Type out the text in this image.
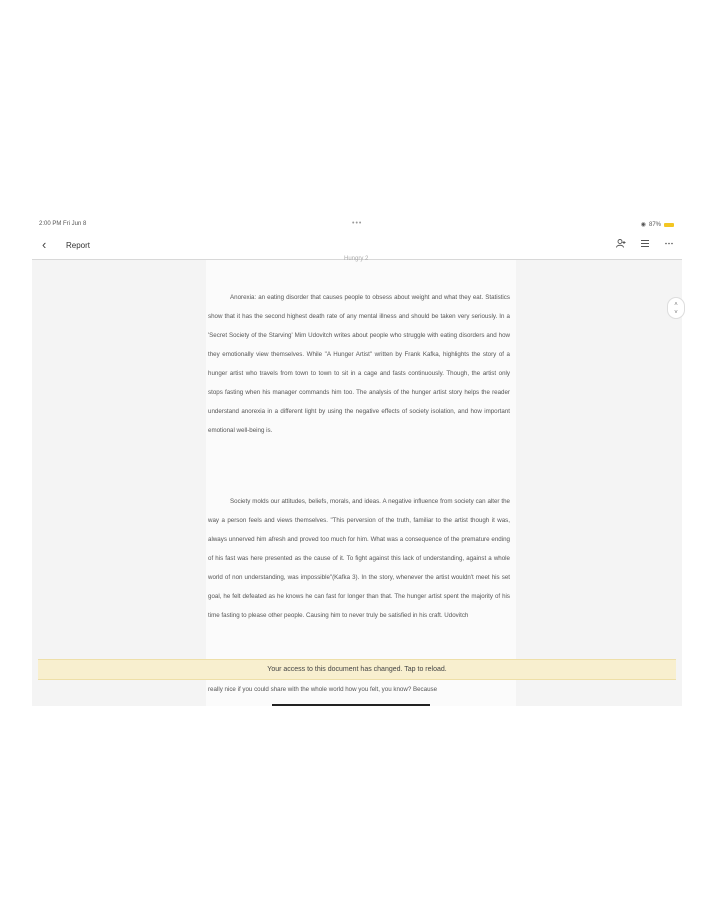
2:00 PM Fri Jun 8	•••	◉ 87%
‹ Report
Hungry 2

Anorexia: an eating disorder that causes people to obsess about weight and what they eat. Statistics show that it has the second highest death rate of any mental illness and should be taken very seriously. In a 'Secret Society of the Starving' Mim Udovitch writes about people who struggle with eating disorders and how they emotionally view themselves. While "A Hunger Artist" written by Frank Kafka, highlights the story of a hunger artist who travels from town to town to sit in a cage and fasts continuously. Though, the artist only stops fasting when his manager commands him too. The analysis of the hunger artist story helps the reader understand anorexia in a different light by using the negative effects of society isolation, and how important emotional well-being is.

Society molds our attitudes, beliefs, morals, and ideas. A negative influence from society can alter the way a person feels and views themselves. "This perversion of the truth, familiar to the artist though it was, always unnerved him afresh and proved too much for him. What was a consequence of the premature ending of his fast was here presented as the cause of it. To fight against this lack of understanding, against a whole world of non understanding, was impossible"(Kafka 3). In the story, whenever the artist wouldn't meet his set goal, he felt defeated as he knows he can fast for longer than that. The hunger artist spent the majority of his time fasting to please other people. Causing him to never truly be satisfied in his craft. Udovitch

really nice if you could share with the whole world how you felt, you know? Because

˄
˅
Your access to this document has changed. Tap to reload.
